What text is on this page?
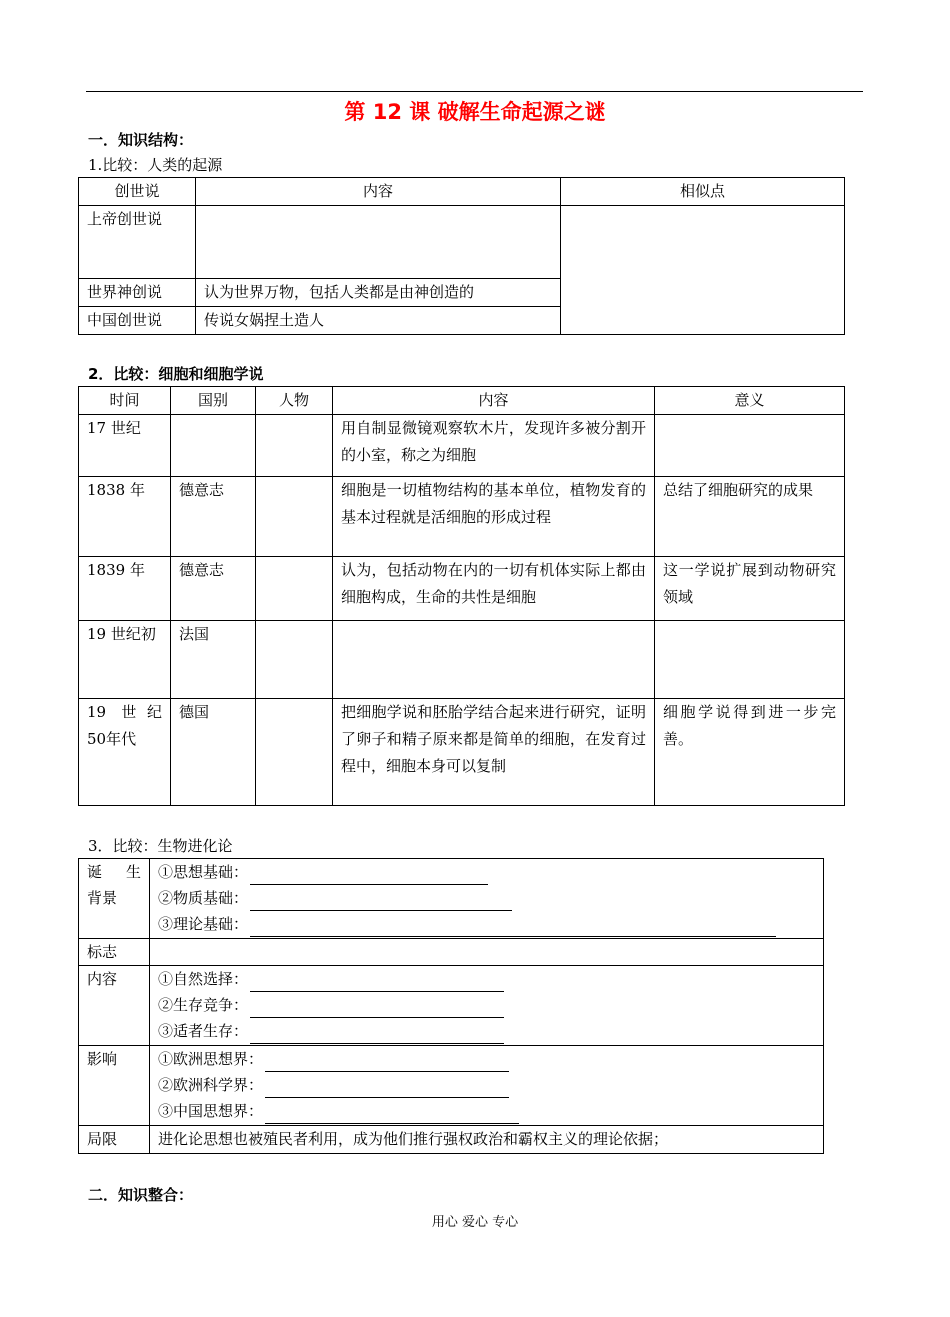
第 12 课 破解生命起源之谜
一．知识结构：
1.比较：人类的起源
创世说	内容	相似点
上帝创世说		
世界神创说	认为世界万物，包括人类都是由神创造的	
中国创世说	传说女娲捏土造人	
2．比较：细胞和细胞学说
时间	国别	人物	内容	意义
17 世纪			用自制显微镜观察软木片，发现许多被分割开的小室，称之为细胞	
1838 年	德意志		细胞是一切植物结构的基本单位，植物发育的基本过程就是活细胞的形成过程	总结了细胞研究的成果
1839 年	德意志		认为，包括动物在内的一切有机体实际上都由细胞构成，生命的共性是细胞	这一学说扩展到动物研究领域
19 世纪初	法国			
19 世纪 50年代	德国		把细胞学说和胚胎学结合起来进行研究，证明了卵子和精子原来都是简单的细胞，在发育过程中，细胞本身可以复制	细胞学说得到进一步完善。
3．比较：生物进化论
诞 生 背景	①思想基础：
②物质基础：
③理论基础：

标志	
内容	①自然选择：
②生存竞争：
③适者生存：

影响	①欧洲思想界：
②欧洲科学界：
③中国思想界：

局限	进化论思想也被殖民者利用，成为他们推行强权政治和霸权主义的理论依据；
二．知识整合：
用心 爱心 专心
